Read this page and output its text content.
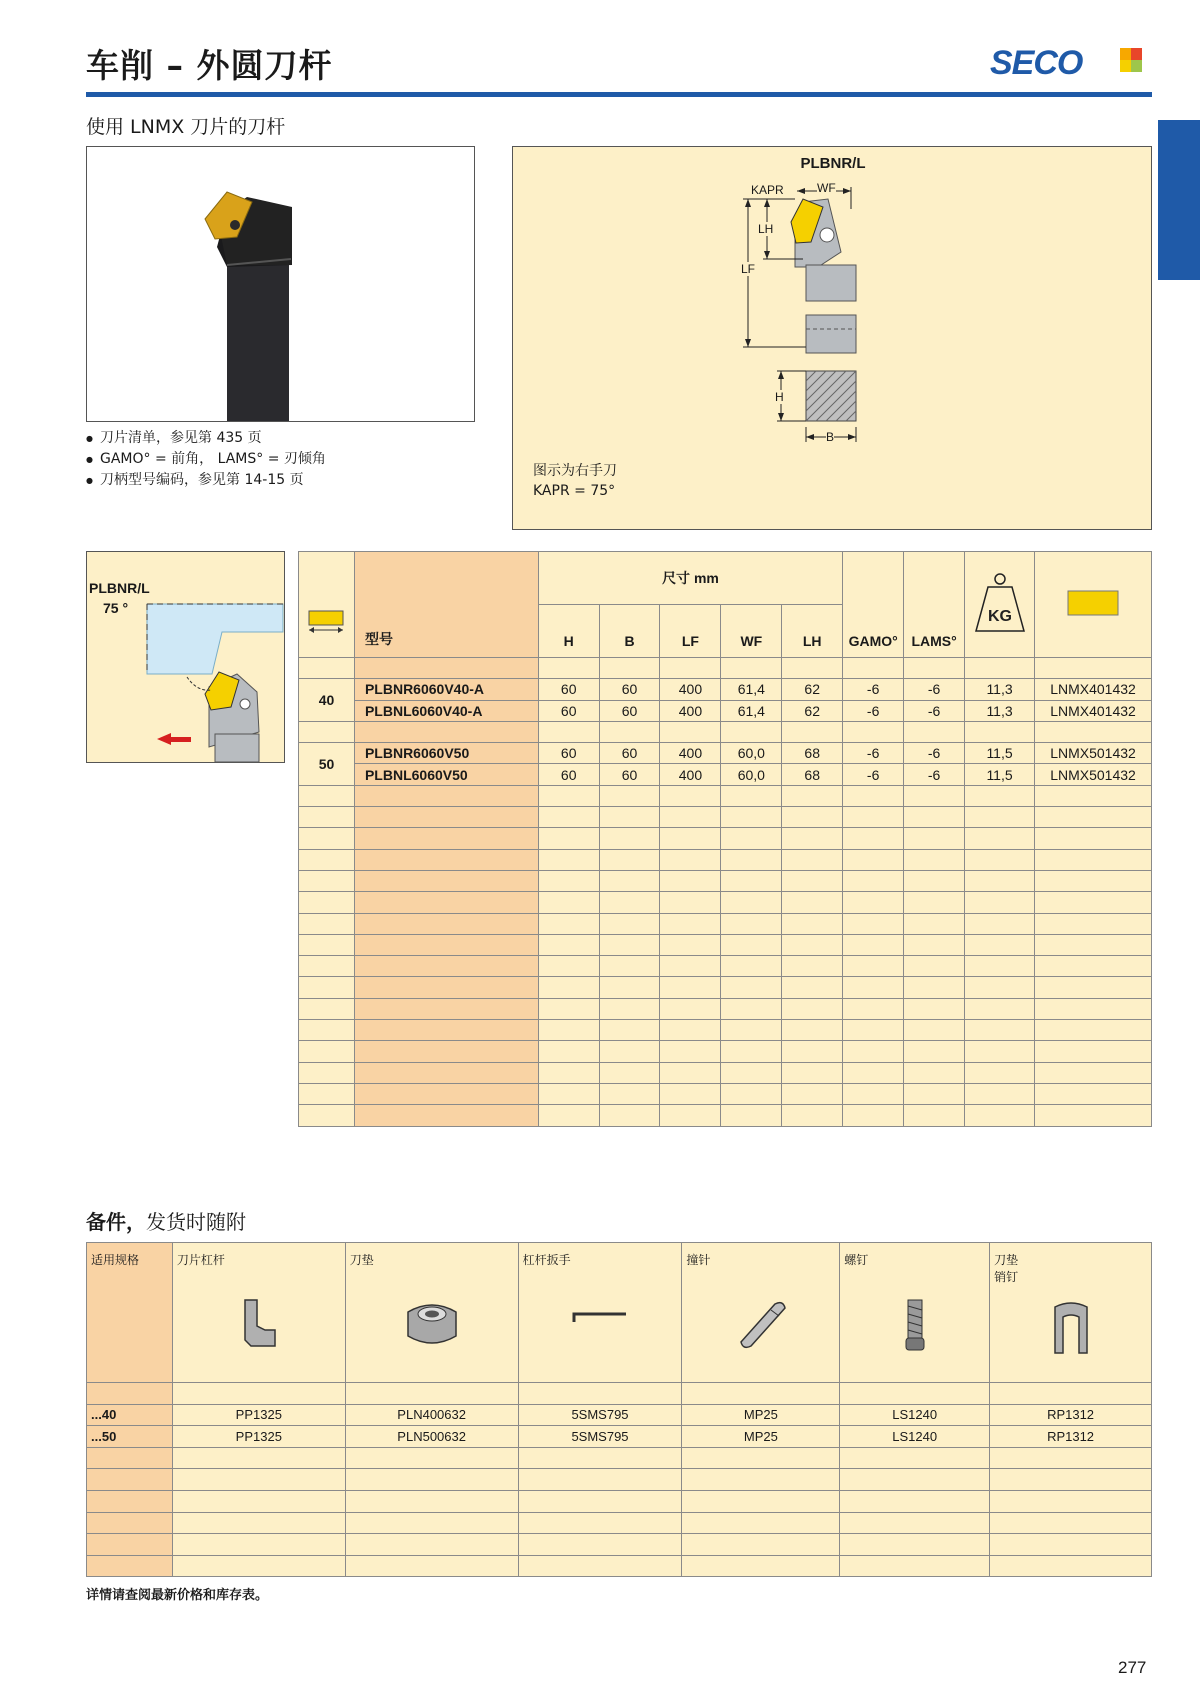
车削 – 外圆刀杆	SECO
使用 LNMX 刀片的刀杆
● 刀片清单，参见第 435 页
● GAMO° = 前角， LAMS° = 刃倾角
● 刀柄型号编码，参见第 14-15 页
PLBNR/L
KAPR	WF
LH
LF
H
B
图示为右手刀
KAPR = 75°
PLBNR/L
75 °
	型号	尺寸 mm					GAMO°	LAMS°	KG

		H	B	LF	WF	LH				

40	PLBNR6060V40-A	60	60	400	61,4	62	-6	-6	11,3	LNMX401432
	PLBNL6060V40-A	60	60	400	61,4	62	-6	-6	11,3	LNMX401432

50	PLBNR6060V50	60	60	400	60,0	68	-6	-6	11,5	LNMX501432
	PLBNL6060V50	60	60	400	60,0	68	-6	-6	11,5	LNMX501432

备件，发货时随附
适用规格	刀片杠杆	刀垫	杠杆扳手	撞针	螺钉	刀垫
销钉

...40	PP1325	PLN400632	5SMS795	MP25	LS1240	RP1312
...50	PP1325	PLN500632	5SMS795	MP25	LS1240	RP1312

详情请查阅最新价格和库存表。
277
